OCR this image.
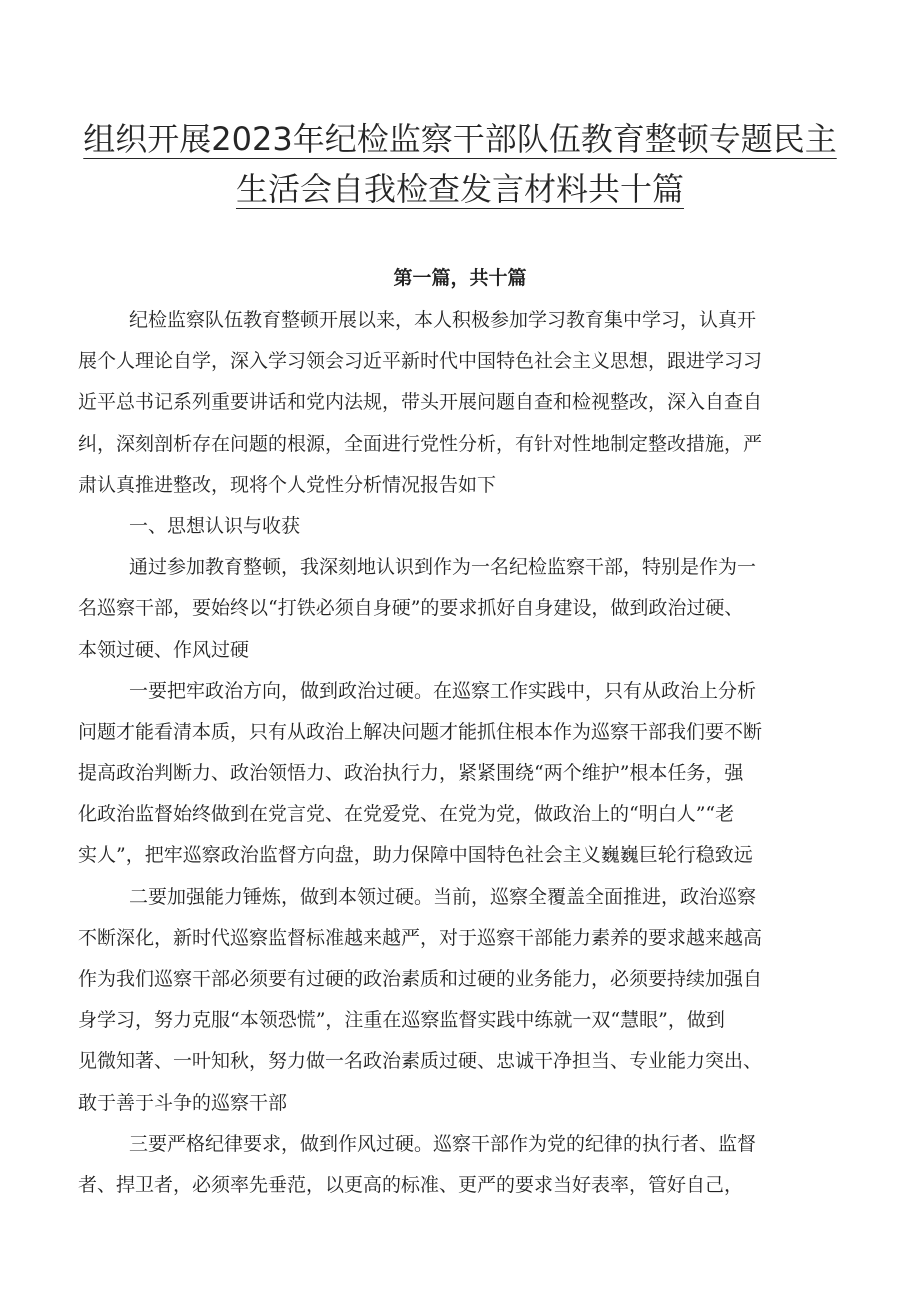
组织开展2023年纪检监察干部队伍教育整顿专题民主
生活会自我检查发言材料共十篇
第一篇，共十篇
纪检监察队伍教育整顿开展以来，本人积极参加学习教育集中学习，认真开
展个人理论自学，深入学习领会习近平新时代中国特色社会主义思想，跟进学习习
近平总书记系列重要讲话和党内法规，带头开展问题自查和检视整改，深入自查自
纠，深刻剖析存在问题的根源，全面进行党性分析，有针对性地制定整改措施，严
肃认真推进整改，现将个人党性分析情况报告如下
一、思想认识与收获
通过参加教育整顿，我深刻地认识到作为一名纪检监察干部，特别是作为一
名巡察干部，要始终以“打铁必须自身硬”的要求抓好自身建设，做到政治过硬、
本领过硬、作风过硬
一要把牢政治方向，做到政治过硬。在巡察工作实践中，只有从政治上分析
问题才能看清本质，只有从政治上解决问题才能抓住根本作为巡察干部我们要不断
提高政治判断力、政治领悟力、政治执行力，紧紧围绕“两个维护”根本任务，强
化政治监督始终做到在党言党、在党爱党、在党为党，做政治上的“明白人”“老
实人”，把牢巡察政治监督方向盘，助力保障中国特色社会主义巍巍巨轮行稳致远
二要加强能力锤炼，做到本领过硬。当前，巡察全覆盖全面推进，政治巡察
不断深化，新时代巡察监督标准越来越严，对于巡察干部能力素养的要求越来越高
作为我们巡察干部必须要有过硬的政治素质和过硬的业务能力，必须要持续加强自
身学习，努力克服“本领恐慌”，注重在巡察监督实践中练就一双“慧眼”，做到
见微知著、一叶知秋，努力做一名政治素质过硬、忠诚干净担当、专业能力突出、
敢于善于斗争的巡察干部
三要严格纪律要求，做到作风过硬。巡察干部作为党的纪律的执行者、监督
者、捍卫者，必须率先垂范，以更高的标准、更严的要求当好表率，管好自己，
